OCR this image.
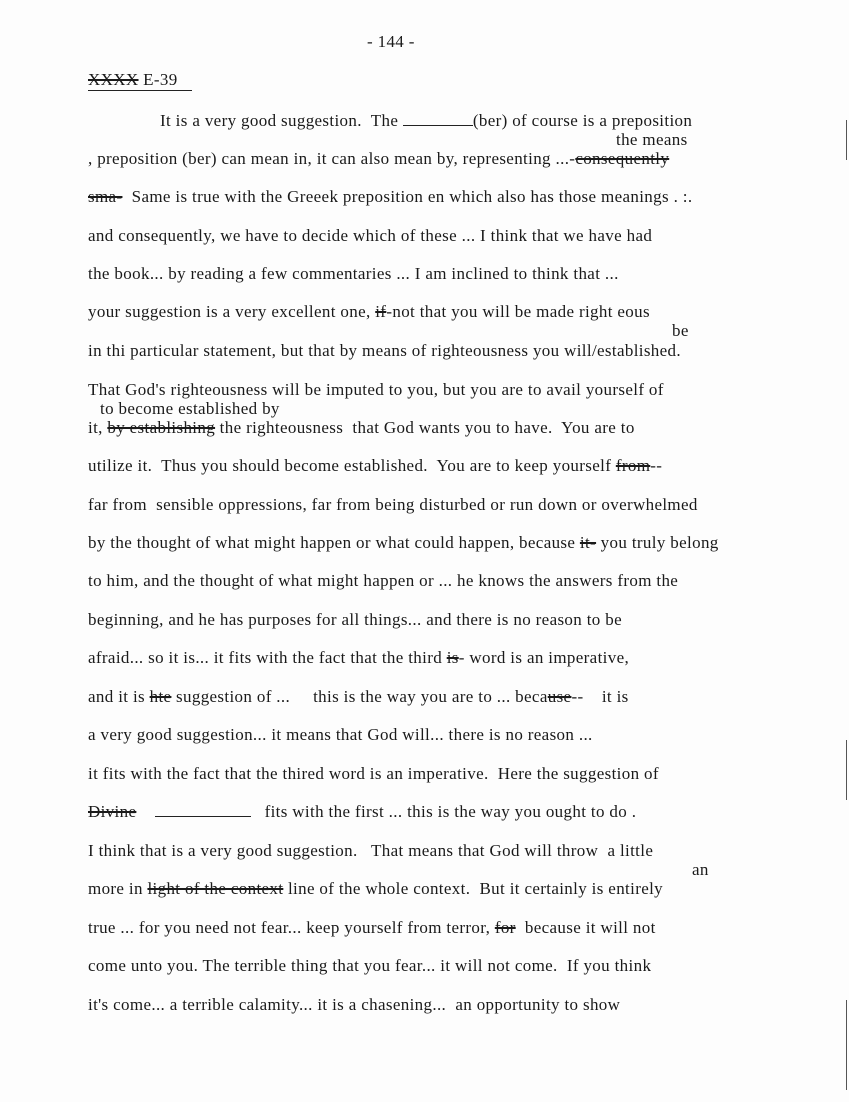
- 144 -
XXXX E-39
It is a very good suggestion.  The	(ber) of course is a preposition
the means
, preposition (ber) can mean in, it can also mean by, representing ...-consequently
sma-  Same is true with the Greeek preposition en which also has those meanings . :.
and consequently, we have to decide which of these ... I think that we have had
the book... by reading a few commentaries ... I am inclined to think that ...
your suggestion is a very excellent one, if-not that you will be made right eous
be
in thi particular statement, but that by means of righteousness you will/established.
That God's righteousness will be imputed to you, but you are to avail yourself of
to become established by
it, by establishing the righteousness  that God wants you to have.  You are to
utilize it.  Thus you should become established.  You are to keep yourself from--
far from  sensible oppressions, far from being disturbed or run down or overwhelmed
by the thought of what might happen or what could happen, because it- you truly belong
to him, and the thought of what might happen or ... he knows the answers from the
beginning, and he has purposes for all things... and there is no reason to be
afraid... so it is... it fits with the fact that the third is- word is an imperative,
and it is hte suggestion of ...     this is the way you are to ... because--    it is
a very good suggestion... it means that God will... there is no reason ...
it fits with the fact that the thired word is an imperative.  Here the suggestion of
Divine	fits with the first ... this is the way you ought to do .
I think that is a very good suggestion.   That means that God will throw  a little
an
more in light of the context line of the whole context.  But it certainly is entirely
true ... for you need not fear... keep yourself from terror, for  because it will not
come unto you. The terrible thing that you fear... it will not come.  If you think
it's come... a terrible calamity... it is a chasening...  an opportunity to show
